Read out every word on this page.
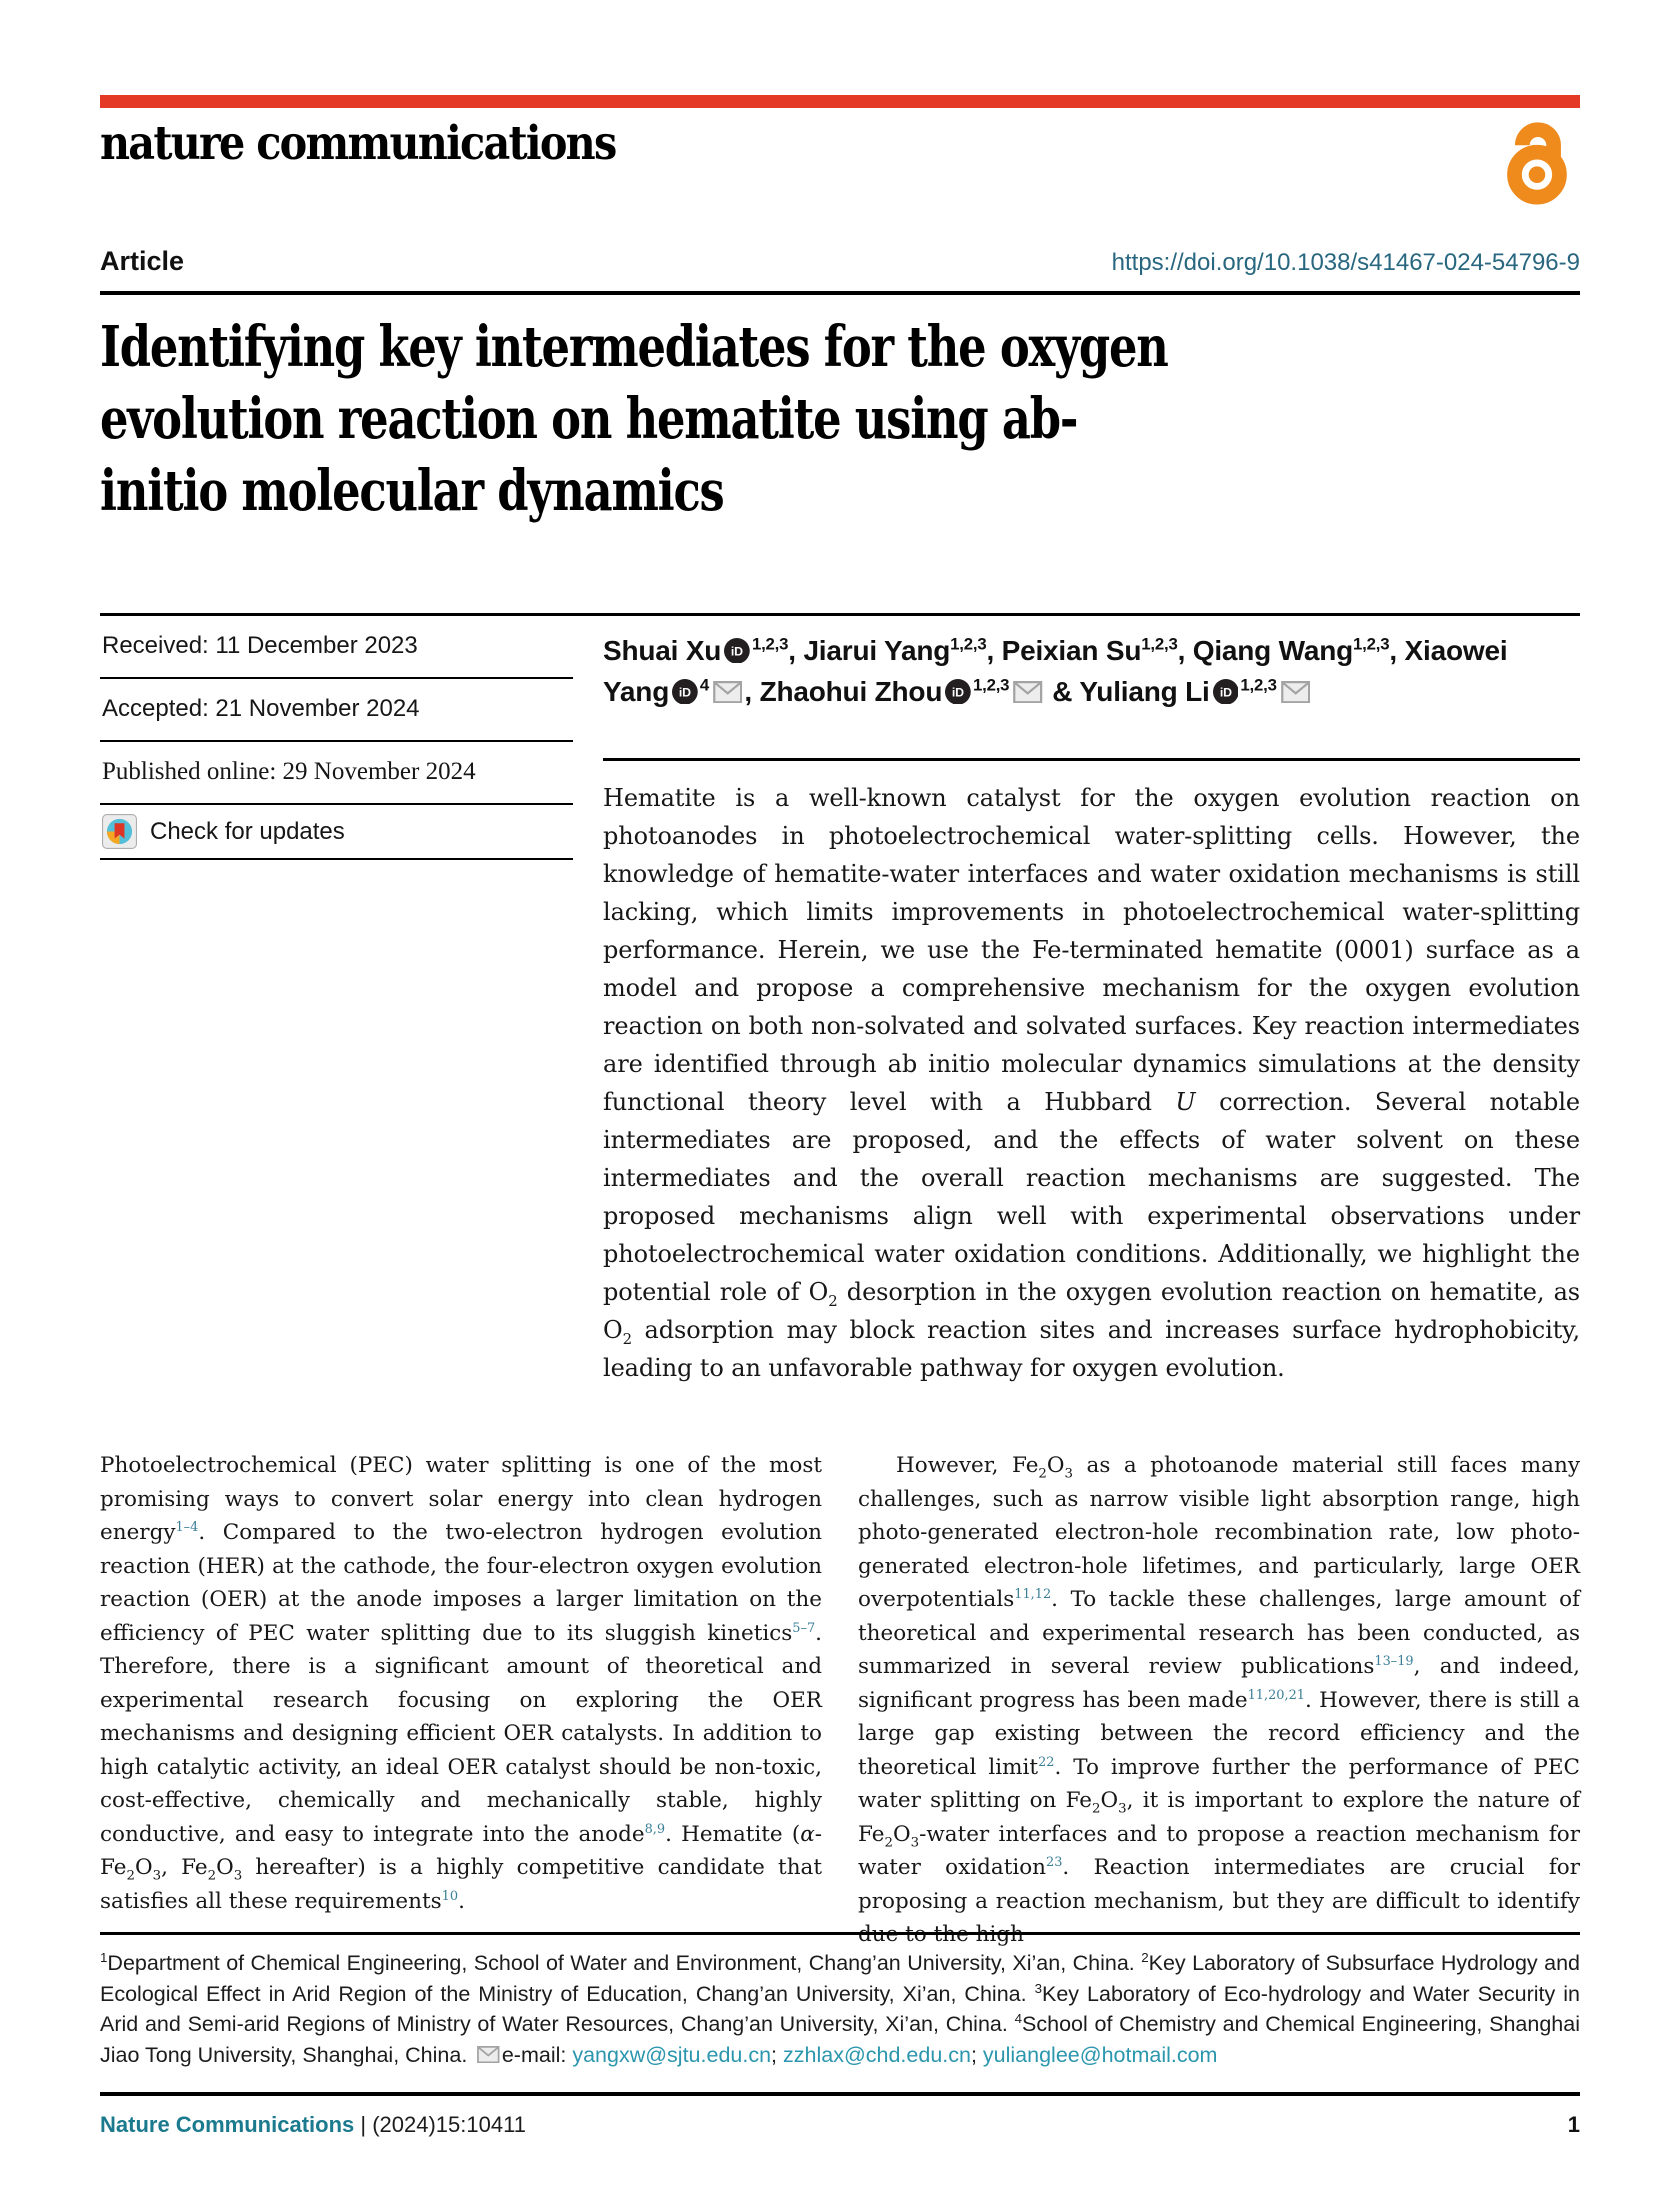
nature communications
Article	https://doi.org/10.1038/s41467-024-54796-9
Identifying key intermediates for the oxygen evolution reaction on hematite using ab-initio molecular dynamics
Received: 11 December 2023
Accepted: 21 November 2024
Published online: 29 November 2024
Check for updates
Shuai Xu iD $^{1,2,3}$, Jiarui Yang$^{1,2,3}$, Peixian Su$^{1,2,3}$, Qiang Wang$^{1,2,3}$, Xiaowei Yang iD $^4$ , Zhaohui Zhou iD $^{1,2,3}$ & Yuliang Li iD $^{1,2,3}$
Hematite is a well-known catalyst for the oxygen evolution reaction on photoanodes in photoelectrochemical water-splitting cells. However, the knowledge of hematite-water interfaces and water oxidation mechanisms is still lacking, which limits improvements in photoelectrochemical water-splitting performance. Herein, we use the Fe-terminated hematite (0001) surface as a model and propose a comprehensive mechanism for the oxygen evolution reaction on both non-solvated and solvated surfaces. Key reaction intermediates are identified through ab initio molecular dynamics simulations at the density functional theory level with a Hubbard U correction. Several notable intermediates are proposed, and the effects of water solvent on these intermediates and the overall reaction mechanisms are suggested. The proposed mechanisms align well with experimental observations under photoelectrochemical water oxidation conditions. Additionally, we highlight the potential role of $O_2$ desorption in the oxygen evolution reaction on hematite, as $O_2$ adsorption may block reaction sites and increases surface hydrophobicity, leading to an unfavorable pathway for oxygen evolution.

Photoelectrochemical (PEC) water splitting is one of the most promising ways to convert solar energy into clean hydrogen energy$^{1-4}$. Compared to the two-electron hydrogen evolution reaction (HER) at the cathode, the four-electron oxygen evolution reaction (OER) at the anode imposes a larger limitation on the efficiency of PEC water splitting due to its sluggish kinetics$^{5-7}$. Therefore, there is a significant amount of theoretical and experimental research focusing on exploring the OER mechanisms and designing efficient OER catalysts. In addition to high catalytic activity, an ideal OER catalyst should be non-toxic, cost-effective, chemically and mechanically stable, highly conductive, and easy to integrate into the anode$^{8,9}$. Hematite ($\alpha-Fe_2O_3$, $Fe_2O_3$ hereafter) is a highly competitive candidate that satisfies all these requirements$^{10}$.

However, $Fe_2O_3$ as a photoanode material still faces many challenges, such as narrow visible light absorption range, high photo-generated electron-hole recombination rate, low photo-generated electron-hole lifetimes, and particularly, large OER overpotentials$^{11,12}$. To tackle these challenges, large amount of theoretical and experimental research has been conducted, as summarized in several review publications$^{13-19}$, and indeed, significant progress has been made$^{11,20,21}$. However, there is still a large gap existing between the record efficiency and the theoretical limit$^{22}$. To improve further the performance of PEC water splitting on $Fe_2O_3$, it is important to explore the nature of $Fe_2O_3$-water interfaces and to propose a reaction mechanism for water oxidation$^{23}$. Reaction intermediates are crucial for proposing a reaction mechanism, but they are difficult to identify due to the high

$^1$Department of Chemical Engineering, School of Water and Environment, Chang’an University, Xi’an, China. $^2$Key Laboratory of Subsurface Hydrology and Ecological Effect in Arid Region of the Ministry of Education, Chang’an University, Xi’an, China. $^3$Key Laboratory of Eco-hydrology and Water Security in Arid and Semi-arid Regions of Ministry of Water Resources, Chang’an University, Xi’an, China. $^4$School of Chemistry and Chemical Engineering, Shanghai Jiao Tong University, Shanghai, China. e-mail: yangxw@sjtu.edu.cn; zzhlax@chd.edu.cn; yulianglee@hotmail.com
Nature Communications | (2024)15:10411	1
